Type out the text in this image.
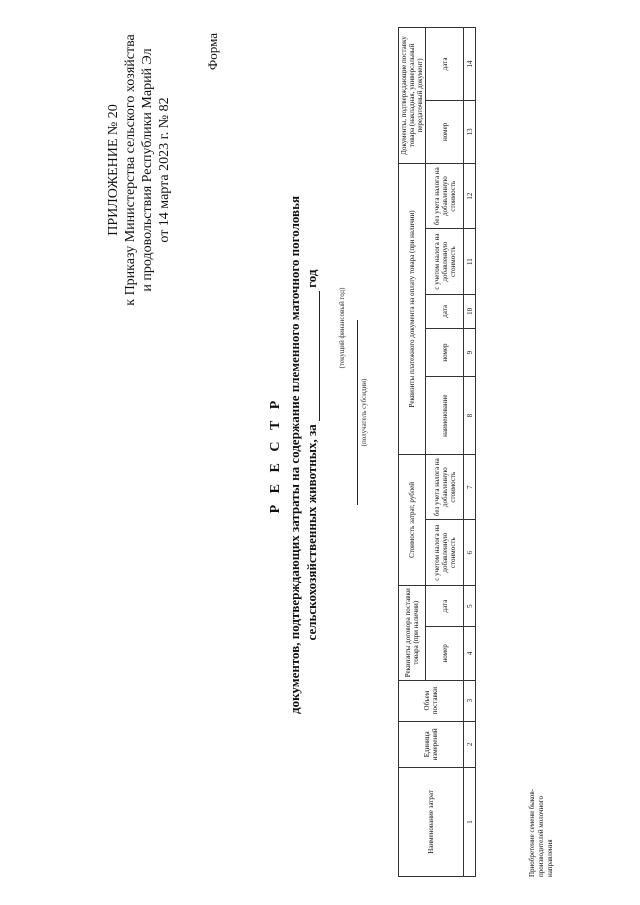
ПРИЛОЖЕНИЕ № 20 к Приказу Министерства сельского хозяйства и продовольствия Республики Марий Эл от 14 марта 2023 г. № 82
Форма
Р Е Е С Т Р документов, подтверждающих затраты на содержание племенного маточного поголовья сельскохозяйственных животных, за  год
(текущий финансовый год)
(получатель субсидии)
Наименование затрат	Единица измерений	Объем поставки	Реквизиты договора поставки товара (при наличии)		Стоимость затрат, рублей		Реквизиты платежного документа на оплату товара (при наличии)					Документы, подтверждающие поставку товара (накладная, универсальный передаточный документ)	
			номер	дата	с учетом налога на добавленную стоимость	без учета налога на добавленную стоимость	наименование	номер	дата	с учетом налога на добавленную стоимость	без учета налога на добавленную стоимость	номер	дата
1	2	3	4	5	6	7	8	9	10	11	12	13	14
Приобретение семени быков-производителей молочного направления
